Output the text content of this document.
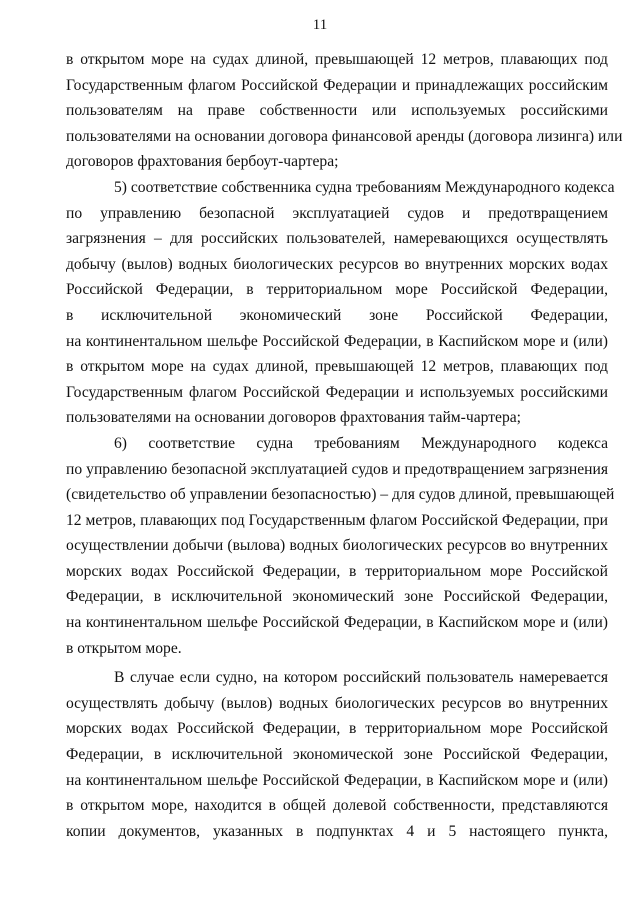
11
в открытом море на судах длиной, превышающей 12 метров, плавающих под
Государственным флагом Российской Федерации и принадлежащих российским
пользователям на праве собственности или используемых российскими
пользователями на основании договора финансовой аренды (договора лизинга) или
договоров фрахтования бербоут-чартера;
5) соответствие собственника судна требованиям Международного кодекса
по управлению безопасной эксплуатацией судов и предотвращением
загрязнения – для российских пользователей, намеревающихся осуществлять
добычу (вылов) водных биологических ресурсов во внутренних морских водах
Российской Федерации, в территориальном море Российской Федерации,
в исключительной экономический зоне Российской Федерации,
на континентальном шельфе Российской Федерации, в Каспийском море и (или)
в открытом море на судах длиной, превышающей 12 метров, плавающих под
Государственным флагом Российской Федерации и используемых российскими
пользователями на основании договоров фрахтования тайм-чартера;
6) соответствие судна требованиям Международного кодекса
по управлению безопасной эксплуатацией судов и предотвращением загрязнения
(свидетельство об управлении безопасностью) – для судов длиной, превышающей
12 метров, плавающих под Государственным флагом Российской Федерации, при
осуществлении добычи (вылова) водных биологических ресурсов во внутренних
морских водах Российской Федерации, в территориальном море Российской
Федерации, в исключительной экономический зоне Российской Федерации,
на континентальном шельфе Российской Федерации, в Каспийском море и (или)
в открытом море.
В случае если судно, на котором российский пользователь намеревается
осуществлять добычу (вылов) водных биологических ресурсов во внутренних
морских водах Российской Федерации, в территориальном море Российской
Федерации, в исключительной экономической зоне Российской Федерации,
на континентальном шельфе Российской Федерации, в Каспийском море и (или)
в открытом море, находится в общей долевой собственности, представляются
копии документов, указанных в подпунктах 4 и 5 настоящего пункта,
